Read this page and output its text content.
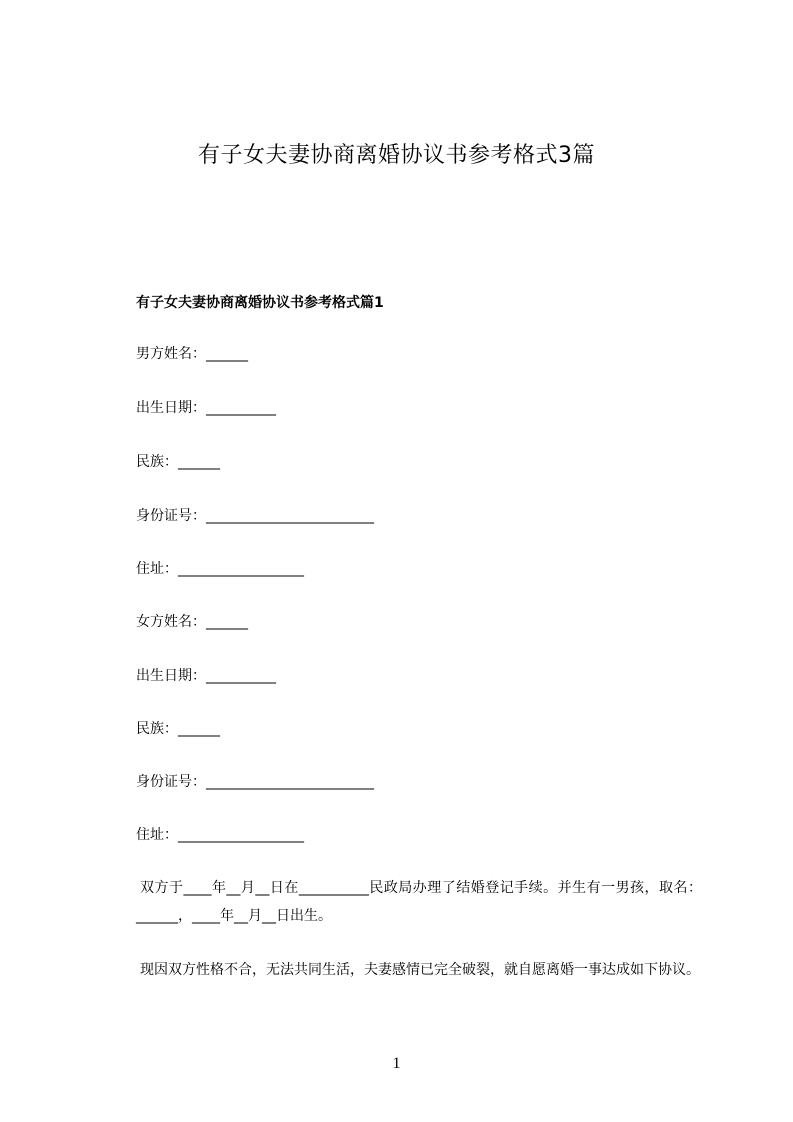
有子女夫妻协商离婚协议书参考格式3篇
有子女夫妻协商离婚协议书参考格式篇1
男方姓名：______
出生日期：__________
民族：______
身份证号：________________________
住址：__________________
女方姓名：______
出生日期：__________
民族：______
身份证号：________________________
住址：__________________

双方于____年__月__日在__________民政局办理了结婚登记手续。并生有一男孩，取名：______，____年__月__日出生。

现因双方性格不合，无法共同生活，夫妻感情已完全破裂，就自愿离婚一事达成如下协议。

1
